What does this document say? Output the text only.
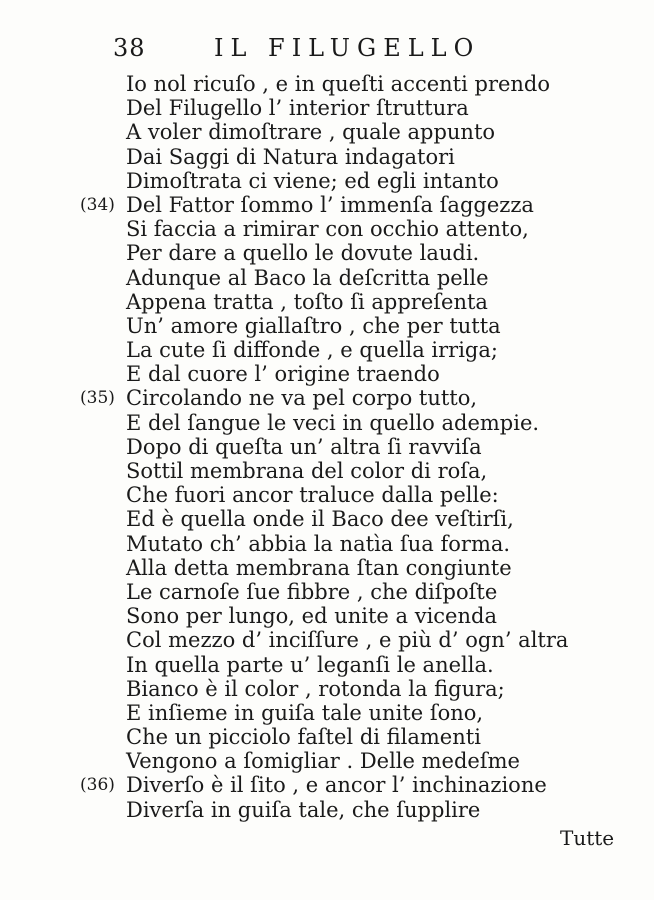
38	IL FILUGELLO
Io nol ricuſo , e in queſti accenti prendo
Del Filugello l’ interior ſtruttura
A voler dimoſtrare , quale appunto
Dai Saggi di Natura indagatori
Dimoſtrata ci viene; ed egli intanto
(34) Del Fattor ſommo l’ immenſa ſaggezza
Si faccia a rimirar con occhio attento,
Per dare a quello le dovute laudi.
Adunque al Baco la deſcritta pelle
Appena tratta , toſto ſi appreſenta
Un’ amore giallaſtro , che per tutta
La cute ſi diffonde , e quella irriga;
E dal cuore l’ origine traendo
(35) Circolando ne va pel corpo tutto,
E del ſangue le veci in quello adempie.
Dopo di queſta un’ altra ſi ravviſa
Sottil membrana del color di roſa,
Che fuori ancor traluce dalla pelle:
Ed è quella onde il Baco dee veſtirſi,
Mutato ch’ abbia la natìa ſua forma.
Alla detta membrana ſtan congiunte
Le carnoſe ſue fibbre , che diſpoſte
Sono per lungo, ed unite a vicenda
Col mezzo d’ inciſſure , e più d’ ogn’ altra
In quella parte u’ leganſi le anella.
Bianco è il color , rotonda la figura;
E inſieme in guiſa tale unite ſono,
Che un picciolo faſtel di filamenti
Vengono a ſomigliar . Delle medeſme
(36) Diverſo è il ſito , e ancor l’ inchinazione
Diverſa in guiſa tale, che ſupplire
Tutte
